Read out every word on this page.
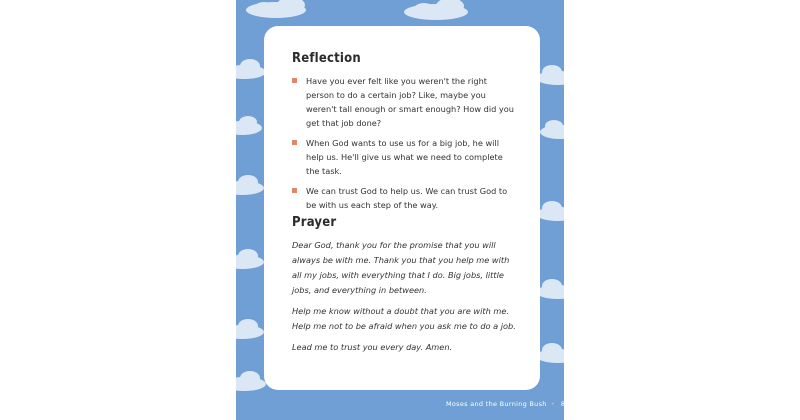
Reflection
Have you ever felt like you weren't the right person to do a certain job? Like, maybe you weren't tall enough or smart enough? How did you get that job done?
When God wants to use us for a big job, he will help us. He'll give us what we need to complete the task.
We can trust God to help us. We can trust God to be with us each step of the way.
Prayer

Dear God, thank you for the promise that you will always be with me. Thank you that you help me with all my jobs, with everything that I do. Big jobs, little jobs, and everything in between.

Help me know without a doubt that you are with me. Help me not to be afraid when you ask me to do a job.

Lead me to trust you every day. Amen.

Moses and the Burning Bush • 83
